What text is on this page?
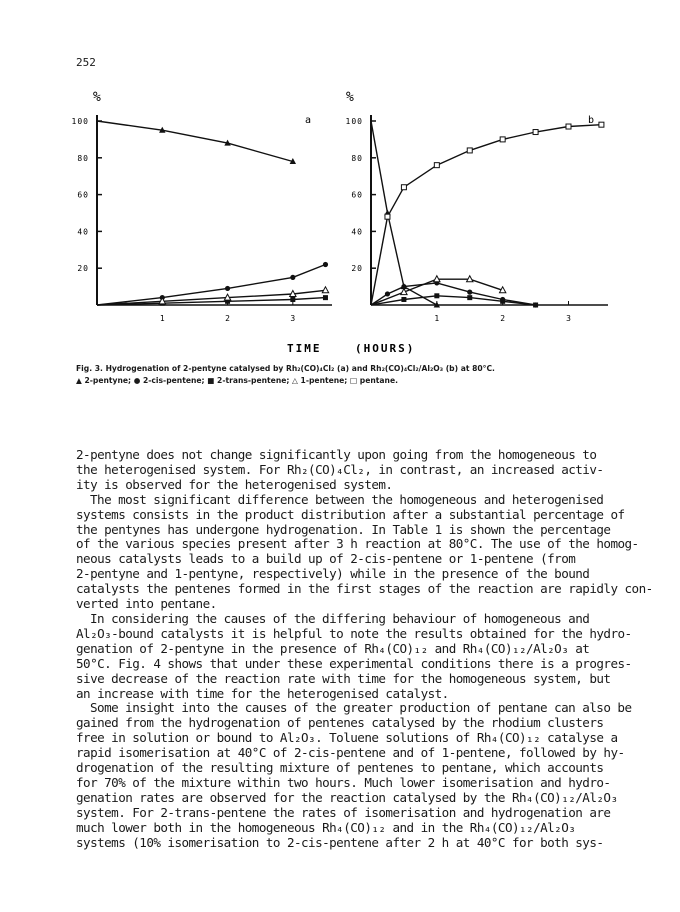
252
%
a
100
80
60
40
20
1	2	3
%
b
100
80
60
40
20
1	2	3
TIME	(HOURS)
Fig. 3. Hydrogenation of 2-pentyne catalysed by Rh₂(CO)₄Cl₂ (a) and Rh₂(CO)₄Cl₂/Al₂O₃ (b) at 80°C.
▲ 2-pentyne; ● 2-cis-pentene; ■ 2-trans-pentene; △ 1-pentene; □ pentane.

2-pentyne does not change significantly upon going from the homogeneous to
the heterogenised system. For Rh₂(CO)₄Cl₂, in contrast, an increased activ-
ity is observed for the heterogenised system.

The most significant difference between the homogeneous and heterogenised
systems consists in the product distribution after a substantial percentage of
the pentynes has undergone hydrogenation. In Table 1 is shown the percentage
of the various species present after 3 h reaction at 80°C. The use of the homog-
neous catalysts leads to a build up of 2-cis-pentene or 1-pentene (from
2-pentyne and 1-pentyne, respectively) while in the presence of the bound
catalysts the pentenes formed in the first stages of the reaction are rapidly con-
verted into pentane.

In considering the causes of the differing behaviour of homogeneous and
Al₂O₃-bound catalysts it is helpful to note the results obtained for the hydro-
genation of 2-pentyne in the presence of Rh₄(CO)₁₂ and Rh₄(CO)₁₂/Al₂O₃ at
50°C. Fig. 4 shows that under these experimental conditions there is a progres-
sive decrease of the reaction rate with time for the homogeneous system, but
an increase with time for the heterogenised catalyst.

Some insight into the causes of the greater production of pentane can also be
gained from the hydrogenation of pentenes catalysed by the rhodium clusters
free in solution or bound to Al₂O₃. Toluene solutions of Rh₄(CO)₁₂ catalyse a
rapid isomerisation at 40°C of 2-cis-pentene and of 1-pentene, followed by hy-
drogenation of the resulting mixture of pentenes to pentane, which accounts
for 70% of the mixture within two hours. Much lower isomerisation and hydro-
genation rates are observed for the reaction catalysed by the Rh₄(CO)₁₂/Al₂O₃
system. For 2-trans-pentene the rates of isomerisation and hydrogenation are
much lower both in the homogeneous Rh₄(CO)₁₂ and in the Rh₄(CO)₁₂/Al₂O₃
systems (10% isomerisation to 2-cis-pentene after 2 h at 40°C for both sys-
